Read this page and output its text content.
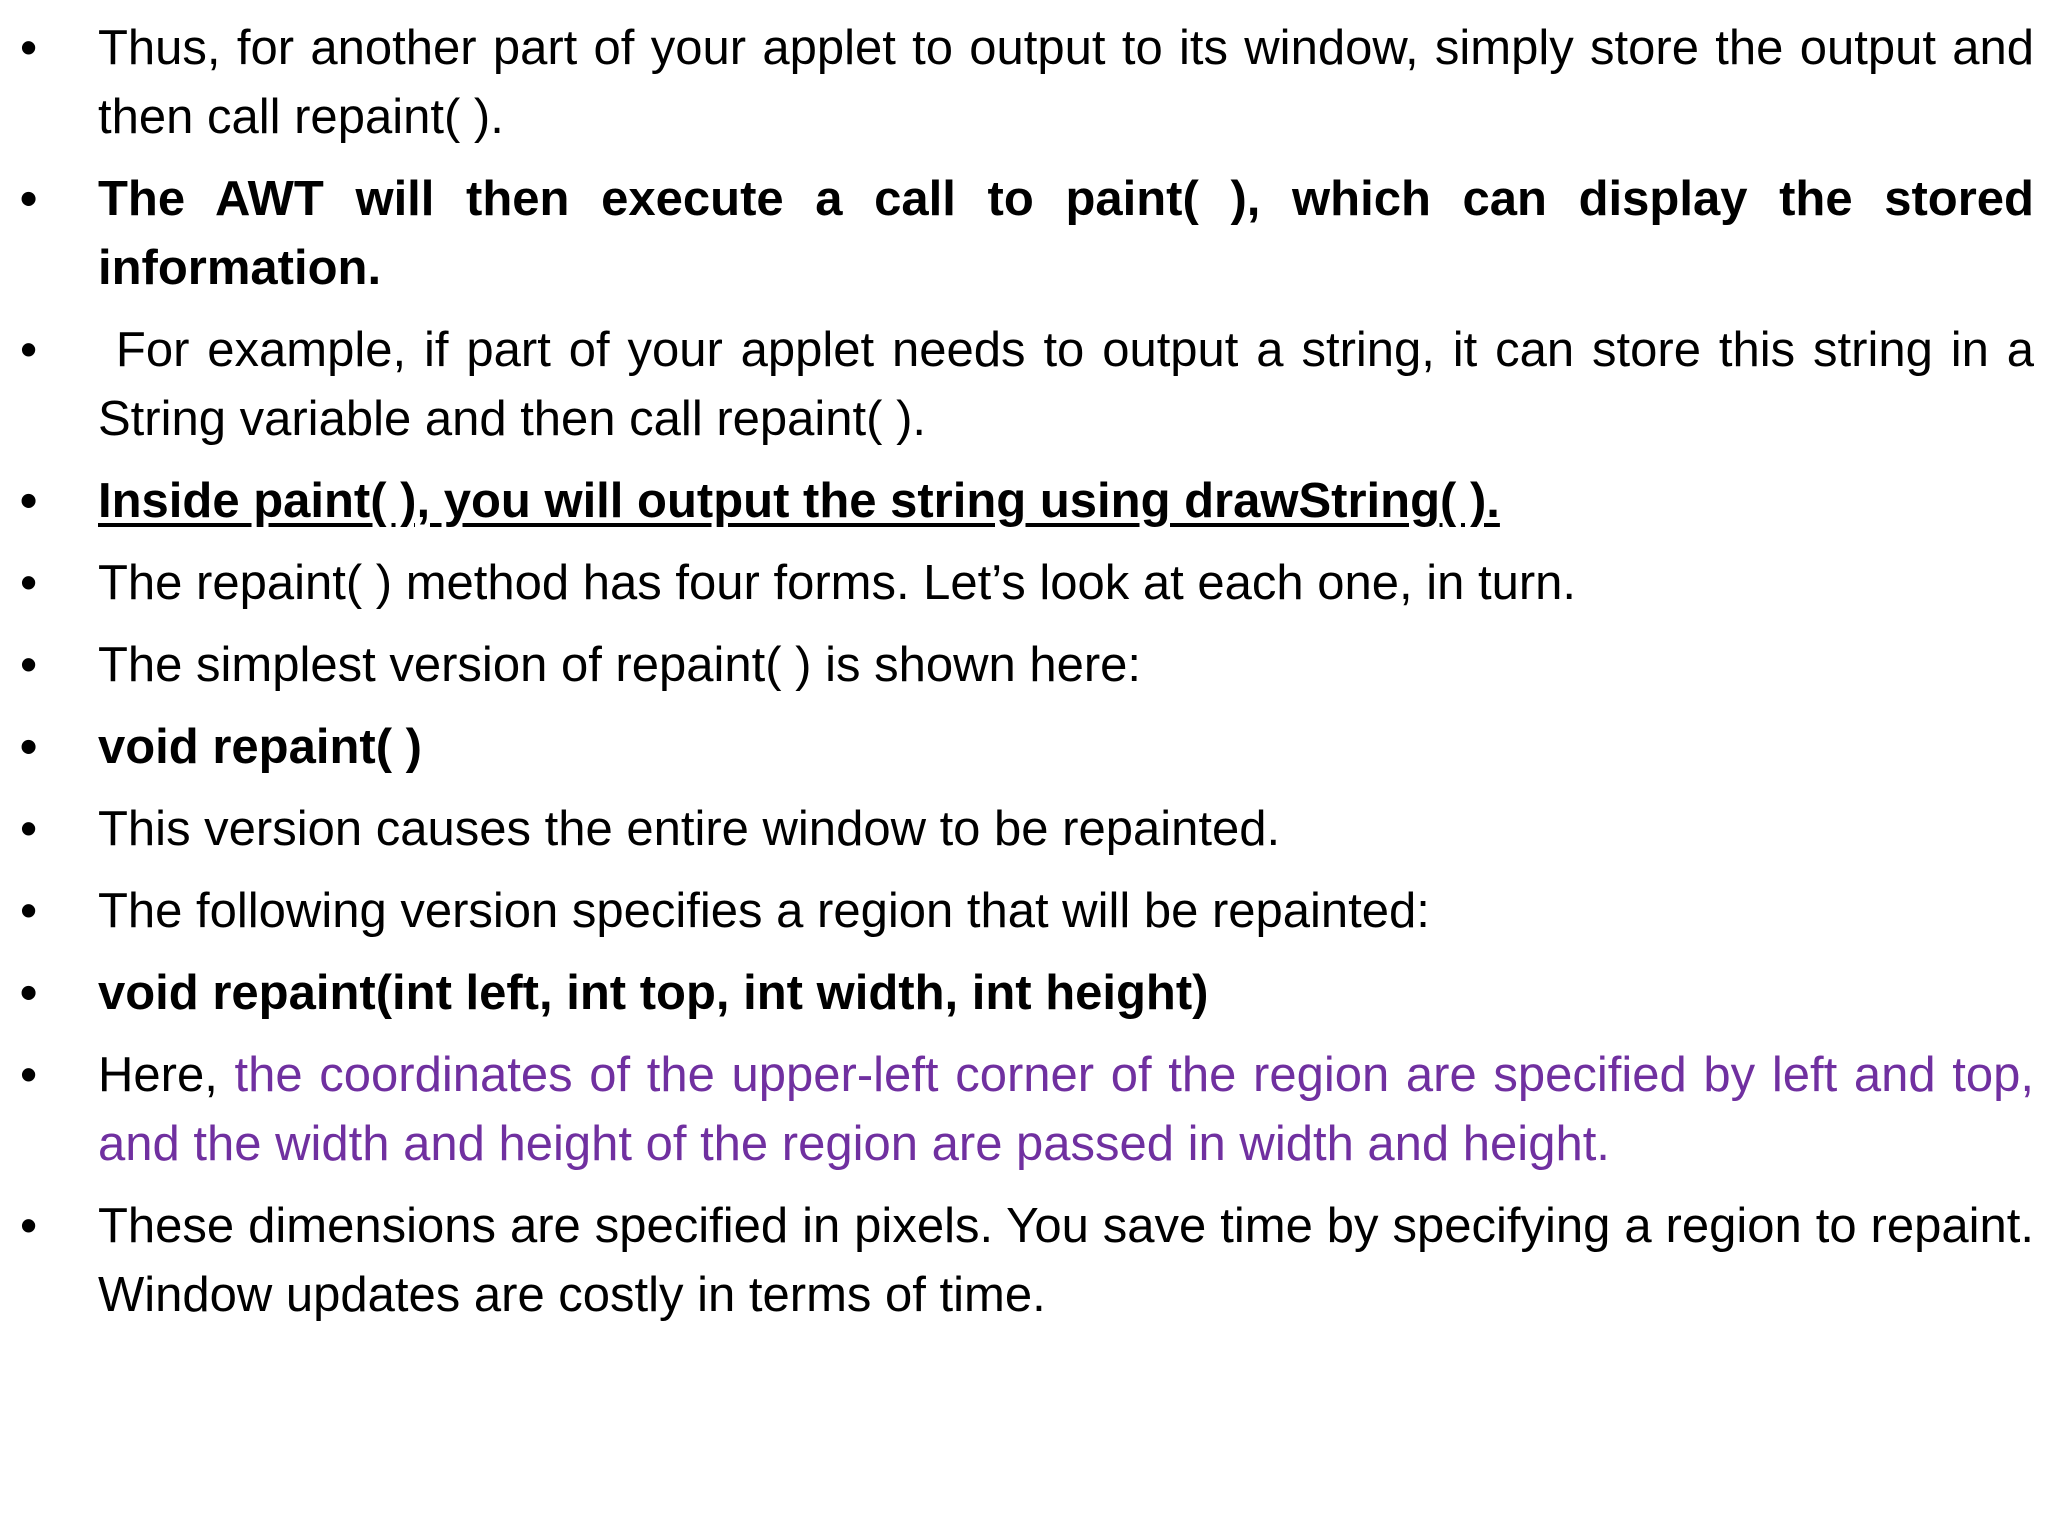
• Thus, for another part of your applet to output to its window, simply store the output and then call repaint( ).
• The AWT will then execute a call to paint( ), which can display the stored information.
• For example, if part of your applet needs to output a string, it can store this string in a String variable and then call repaint( ).
• Inside paint( ), you will output the string using drawString( ).
• The repaint( ) method has four forms. Let’s look at each one, in turn.
• The simplest version of repaint( ) is shown here:
• void repaint( )
• This version causes the entire window to be repainted.
• The following version specifies a region that will be repainted:
• void repaint(int left, int top, int width, int height)
• Here, the coordinates of the upper-left corner of the region are specified by left and top, and the width and height of the region are passed in width and height.
• These dimensions are specified in pixels. You save time by specifying a region to repaint. Window updates are costly in terms of time.
